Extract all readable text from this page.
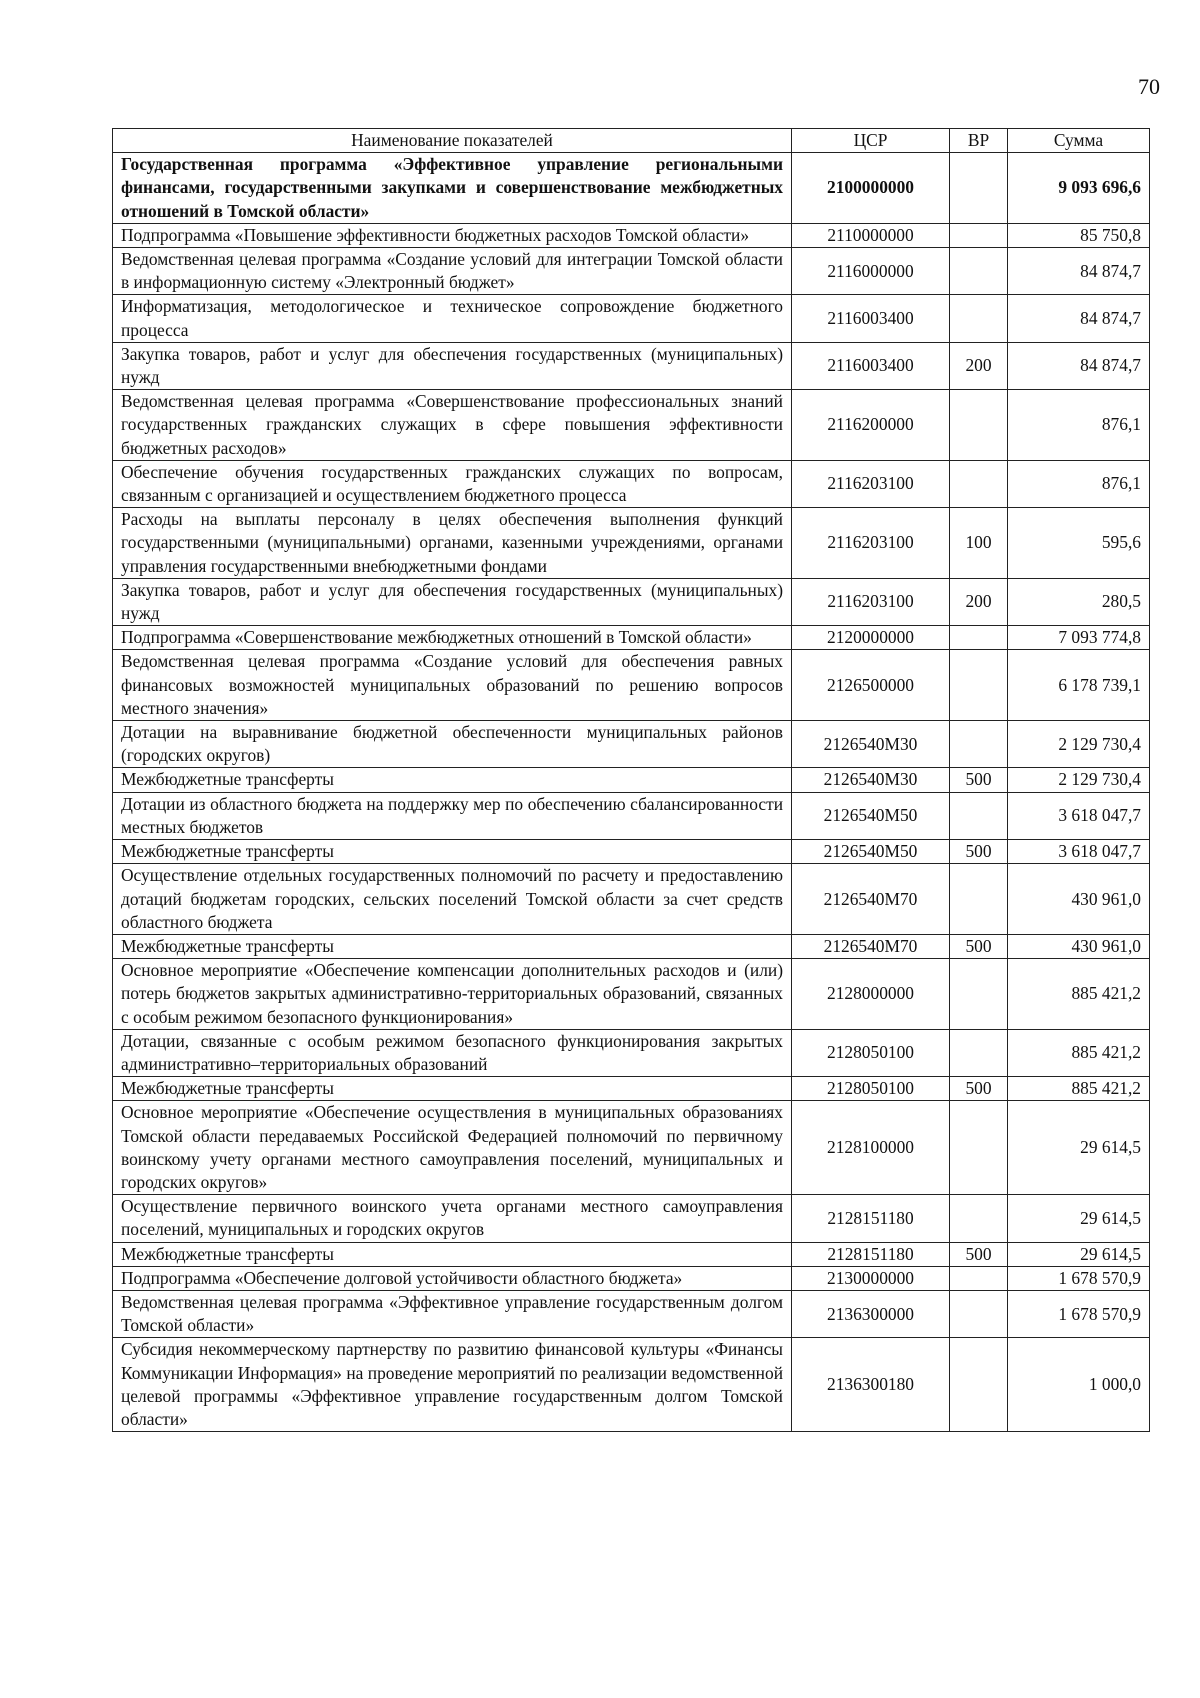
70
Наименование показателей	ЦСР	ВР	Сумма
Государственная программа «Эффективное управление региональными финансами, государственными закупками и совершенствование межбюджетных отношений в Томской области»	2100000000		9 093 696,6
Подпрограмма «Повышение эффективности бюджетных расходов Томской области»	2110000000		85 750,8
Ведомственная целевая программа «Создание условий для интеграции Томской области в информационную систему «Электронный бюджет»	2116000000		84 874,7
Информатизация, методологическое и техническое сопровождение бюджетного процесса	2116003400		84 874,7
Закупка товаров, работ и услуг для обеспечения государственных (муниципальных) нужд	2116003400	200	84 874,7
Ведомственная целевая программа «Совершенствование профессиональных знаний государственных гражданских служащих в сфере повышения эффективности бюджетных расходов»	2116200000		876,1
Обеспечение обучения государственных гражданских служащих по вопросам, связанным с организацией и осуществлением бюджетного процесса	2116203100		876,1
Расходы на выплаты персоналу в целях обеспечения выполнения функций государственными (муниципальными) органами, казенными учреждениями, органами управления государственными внебюджетными фондами	2116203100	100	595,6
Закупка товаров, работ и услуг для обеспечения государственных (муниципальных) нужд	2116203100	200	280,5
Подпрограмма «Совершенствование межбюджетных отношений в Томской области»	2120000000		7 093 774,8
Ведомственная целевая программа «Создание условий для обеспечения равных финансовых возможностей муниципальных образований по решению вопросов местного значения»	2126500000		6 178 739,1
Дотации на выравнивание бюджетной обеспеченности муниципальных районов (городских округов)	2126540М30		2 129 730,4
Межбюджетные трансферты	2126540М30	500	2 129 730,4
Дотации из областного бюджета на поддержку мер по обеспечению сбалансированности местных бюджетов	2126540М50		3 618 047,7
Межбюджетные трансферты	2126540М50	500	3 618 047,7
Осуществление отдельных государственных полномочий по расчету и предоставлению дотаций бюджетам городских, сельских поселений Томской области за счет средств областного бюджета	2126540М70		430 961,0
Межбюджетные трансферты	2126540М70	500	430 961,0
Основное мероприятие «Обеспечение компенсации дополнительных расходов и (или) потерь бюджетов закрытых административно-территориальных образований, связанных с особым режимом безопасного функционирования»	2128000000		885 421,2
Дотации, связанные с особым режимом безопасного функционирования закрытых административно–территориальных образований	2128050100		885 421,2
Межбюджетные трансферты	2128050100	500	885 421,2
Основное мероприятие «Обеспечение осуществления в муниципальных образованиях Томской области передаваемых Российской Федерацией полномочий по первичному воинскому учету органами местного самоуправления поселений, муниципальных и городских округов»	2128100000		29 614,5
Осуществление первичного воинского учета органами местного самоуправления поселений, муниципальных и городских округов	2128151180		29 614,5
Межбюджетные трансферты	2128151180	500	29 614,5
Подпрограмма «Обеспечение долговой устойчивости областного бюджета»	2130000000		1 678 570,9
Ведомственная целевая программа «Эффективное управление государственным долгом Томской области»	2136300000		1 678 570,9
Субсидия некоммерческому партнерству по развитию финансовой культуры «Финансы Коммуникации Информация» на проведение мероприятий по реализации ведомственной целевой программы «Эффективное управление государственным долгом Томской области»	2136300180		1 000,0
